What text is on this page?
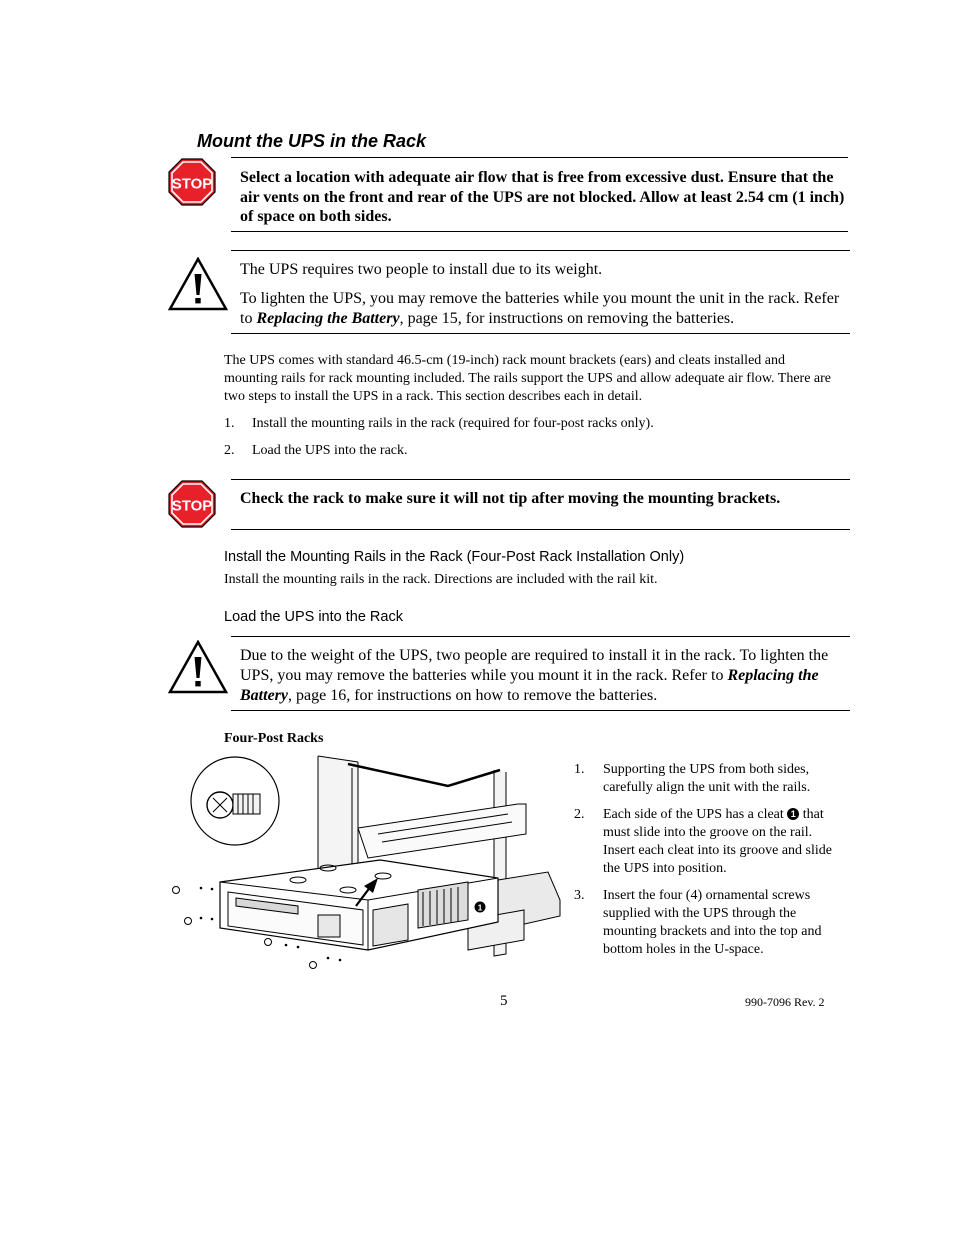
Mount the UPS in the Rack
STOP Select a location with adequate air flow that is free from excessive dust. Ensure that the air vents on the front and rear of the UPS are not blocked. Allow at least 2.54 cm (1 inch) of space on both sides.

The UPS requires two people to install due to its weight.

To lighten the UPS, you may remove the batteries while you mount the unit in the rack. Refer to Replacing the Battery, page 15, for instructions on removing the batteries.

The UPS comes with standard 46.5-cm (19-inch) rack mount brackets (ears) and cleats installed and mounting rails for rack mounting included. The rails support the UPS and allow adequate air flow. There are two steps to install the UPS in a rack. This section describes each in detail.
1. Install the mounting rails in the rack (required for four-post racks only).
2. Load the UPS into the rack.
STOP Check the rack to make sure it will not tip after moving the mounting brackets.
Install the Mounting Rails in the Rack (Four-Post Rack Installation Only)
Install the mounting rails in the rack. Directions are included with the rail kit.
Load the UPS into the Rack
Due to the weight of the UPS, two people are required to install it in the rack. To lighten the UPS, you may remove the batteries while you mount it in the rack. Refer to Replacing the Battery, page 16, for instructions on how to remove the batteries.
Four-Post Racks
1
1. Supporting the UPS from both sides, carefully align the unit with the rails.
2. Each side of the UPS has a cleat 1 that must slide into the groove on the rail. Insert each cleat into its groove and slide the UPS into position.
3. Insert the four (4) ornamental screws supplied with the UPS through the mounting brackets and into the top and bottom holes in the U-space.
5	990-7096 Rev. 2
